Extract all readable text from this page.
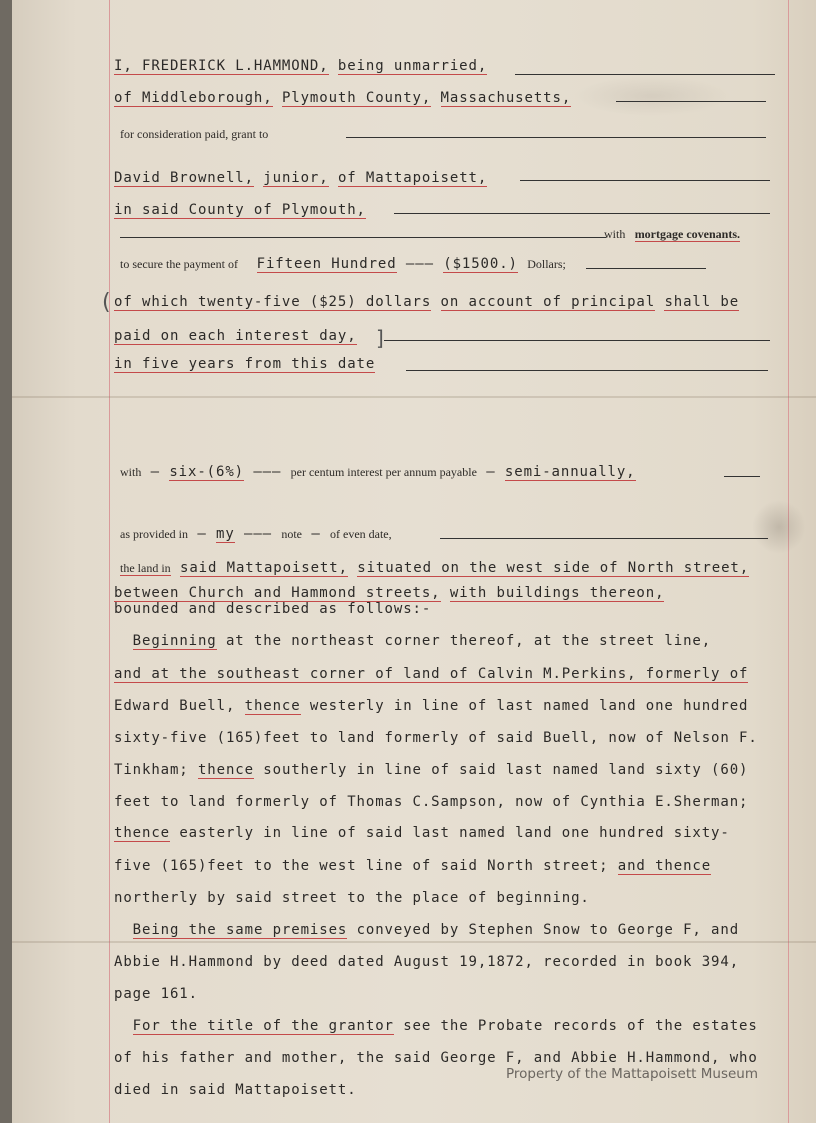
(
]
I, FREDERICK L.HAMMOND, being unmarried,
of Middleborough, Plymouth County, Massachusetts,
for consideration paid, grant to
David Brownell, junior, of Mattapoisett,
in said County of Plymouth,
with mortgage covenants.
to secure the payment of Fifteen Hundred ——— ($1500.) Dollars;
of which twenty-five ($25) dollars on account of principal shall be
paid on each interest day,
in five years from this date
with — six-(6%) ——— per centum interest per annum payable — semi-annually,
as provided in — my ——— note — of even date,
the land in said Mattapoisett, situated on the west side of North street,
between Church and Hammond streets, with buildings thereon,
bounded and described as follows:-
Beginning at the northeast corner thereof, at the street line,
and at the southeast corner of land of Calvin M.Perkins, formerly of
Edward Buell, thence westerly in line of last named land one hundred
sixty-five (165)feet to land formerly of said Buell, now of Nelson F.
Tinkham; thence southerly in line of said last named land sixty (60)
feet to land formerly of Thomas C.Sampson, now of Cynthia E.Sherman;
thence easterly in line of said last named land one hundred sixty-
five (165)feet to the west line of said North street; and thence
northerly by said street to the place of beginning.
Being the same premises conveyed by Stephen Snow to George F, and
Abbie H.Hammond by deed dated August 19,1872, recorded in book 394,
page 161.
For the title of the grantor see the Probate records of the estates
of his father and mother, the said George F, and Abbie H.Hammond, who
died in said Mattapoisett.
Property of the Mattapoisett Museum
